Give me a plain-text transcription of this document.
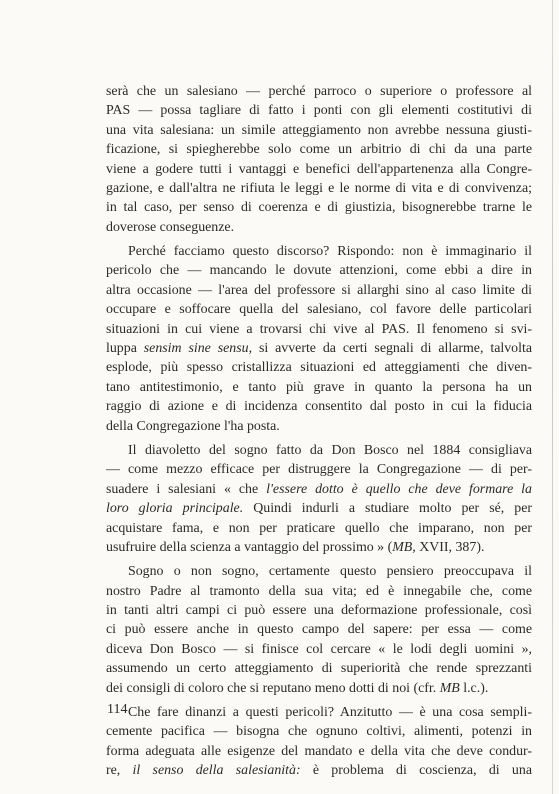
serà che un salesiano — perché parroco o superiore o professore al
PAS — possa tagliare di fatto i ponti con gli elementi costitutivi di
una vita salesiana: un simile atteggiamento non avrebbe nessuna giusti-
ficazione, si spiegherebbe solo come un arbitrio di chi da una parte
viene a godere tutti i vantaggi e benefici dell'appartenenza alla Congre-
gazione, e dall'altra ne rifiuta le leggi e le norme di vita e di convivenza;
in tal caso, per senso di coerenza e di giustizia, bisognerebbe trarne le
doverose conseguenze.

Perché facciamo questo discorso? Rispondo: non è immaginario il
pericolo che — mancando le dovute attenzioni, come ebbi a dire in
altra occasione — l'area del professore si allarghi sino al caso limite di
occupare e soffocare quella del salesiano, col favore delle particolari
situazioni in cui viene a trovarsi chi vive al PAS. Il fenomeno si svi-
luppa sensim sine sensu, si avverte da certi segnali di allarme, talvolta
esplode, più spesso cristallizza situazioni ed atteggiamenti che diven-
tano antitestimonio, e tanto più grave in quanto la persona ha un
raggio di azione e di incidenza consentito dal posto in cui la fiducia
della Congregazione l'ha posta.

Il diavoletto del sogno fatto da Don Bosco nel 1884 consigliava
— come mezzo efficace per distruggere la Congregazione — di per-
suadere i salesiani « che l'essere dotto è quello che deve formare la
loro gloria principale. Quindi indurli a studiare molto per sé, per
acquistare fama, e non per praticare quello che imparano, non per
usufruire della scienza a vantaggio del prossimo » (MB, XVII, 387).

Sogno o non sogno, certamente questo pensiero preoccupava il
nostro Padre al tramonto della sua vita; ed è innegabile che, come
in tanti altri campi ci può essere una deformazione professionale, così
ci può essere anche in questo campo del sapere: per essa — come
diceva Don Bosco — si finisce col cercare « le lodi degli uomini »,
assumendo un certo atteggiamento di superiorità che rende sprezzanti
dei consigli di coloro che si reputano meno dotti di noi (cfr. MB l.c.).

Che fare dinanzi a questi pericoli? Anzitutto — è una cosa sempli-
cemente pacifica — bisogna che ognuno coltivi, alimenti, potenzi in
forma adeguata alle esigenze del mandato e della vita che deve condur-
re, il senso della salesianità: è problema di coscienza, di una

114
